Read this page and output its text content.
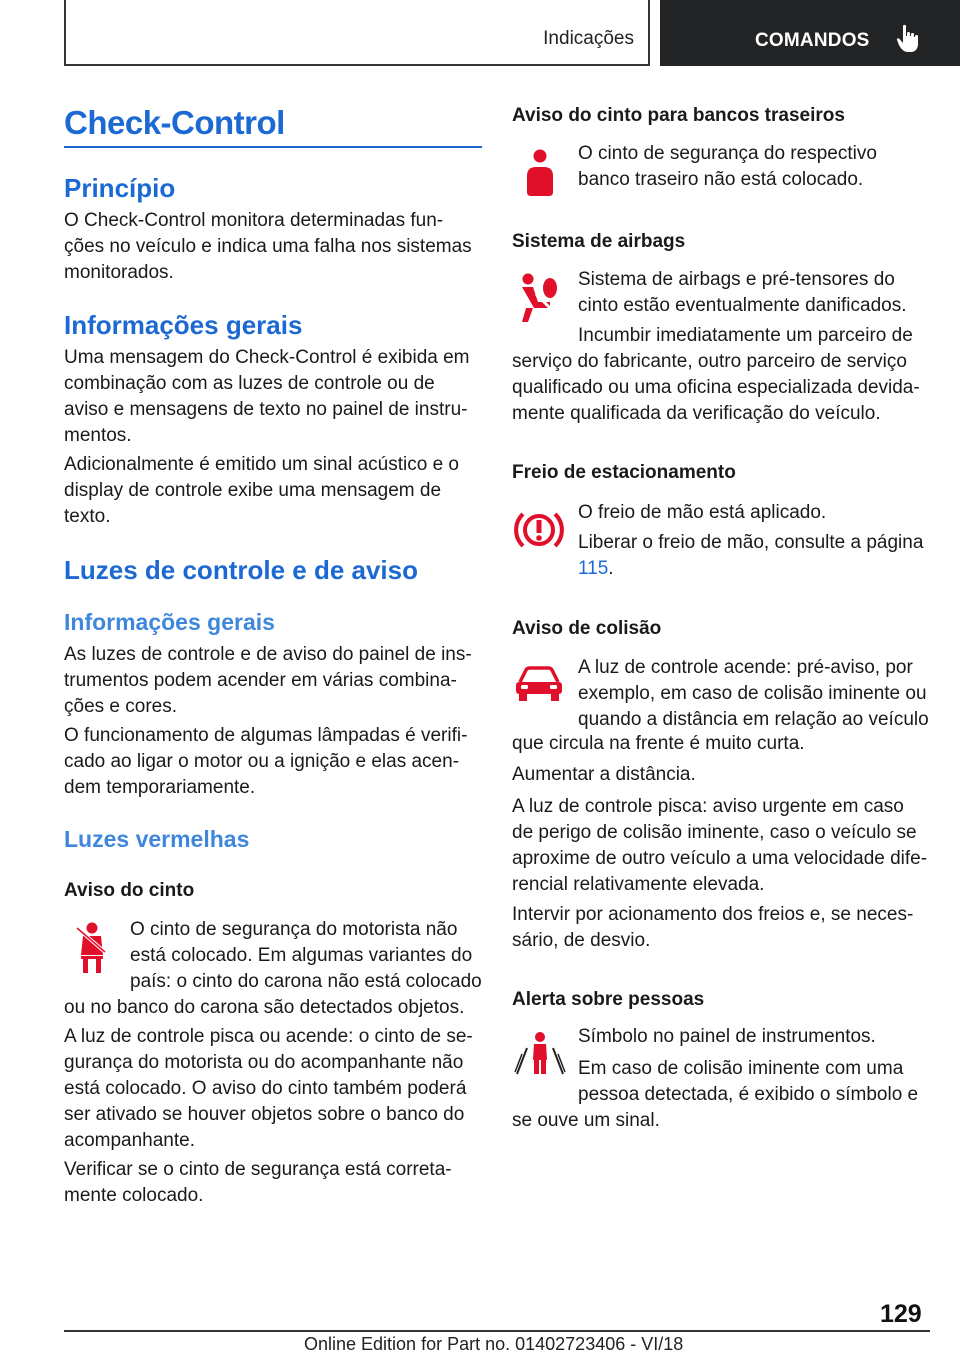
Indicações	COMANDOS
Check-Control
Princípio
O Check-Control monitora determinadas fun-
ções no veículo e indica uma falha nos sistemas
monitorados.
Informações gerais
Uma mensagem do Check-Control é exibida em
combinação com as luzes de controle ou de
aviso e mensagens de texto no painel de instru-
mentos.
Adicionalmente é emitido um sinal acústico e o
display de controle exibe uma mensagem de
texto.
Luzes de controle e de aviso
Informações gerais
As luzes de controle e de aviso do painel de ins-
trumentos podem acender em várias combina-
ções e cores.
O funcionamento de algumas lâmpadas é verifi-
cado ao ligar o motor ou a ignição e elas acen-
dem temporariamente.
Luzes vermelhas
Aviso do cinto
O cinto de segurança do motorista não
está colocado. Em algumas variantes do
país: o cinto do carona não está colocado
ou no banco do carona são detectados objetos.
A luz de controle pisca ou acende: o cinto de se-
gurança do motorista ou do acompanhante não
está colocado. O aviso do cinto também poderá
ser ativado se houver objetos sobre o banco do
acompanhante.
Verificar se o cinto de segurança está correta-
mente colocado.
Aviso do cinto para bancos traseiros
O cinto de segurança do respectivo
banco traseiro não está colocado.
Sistema de airbags
Sistema de airbags e pré-tensores do
cinto estão eventualmente danificados.
Incumbir imediatamente um parceiro de
serviço do fabricante, outro parceiro de serviço
qualificado ou uma oficina especializada devida-
mente qualificada da verificação do veículo.
Freio de estacionamento
O freio de mão está aplicado.
Liberar o freio de mão, consulte a página
115.
Aviso de colisão
A luz de controle acende: pré-aviso, por
exemplo, em caso de colisão iminente ou
quando a distância em relação ao veículo
que circula na frente é muito curta.
Aumentar a distância.
A luz de controle pisca: aviso urgente em caso
de perigo de colisão iminente, caso o veículo se
aproxime de outro veículo a uma velocidade dife-
rencial relativamente elevada.
Intervir por acionamento dos freios e, se neces-
sário, de desvio.
Alerta sobre pessoas
Símbolo no painel de instrumentos.
Em caso de colisão iminente com uma
pessoa detectada, é exibido o símbolo e
se ouve um sinal.
129
Online Edition for Part no. 01402723406 - VI/18
